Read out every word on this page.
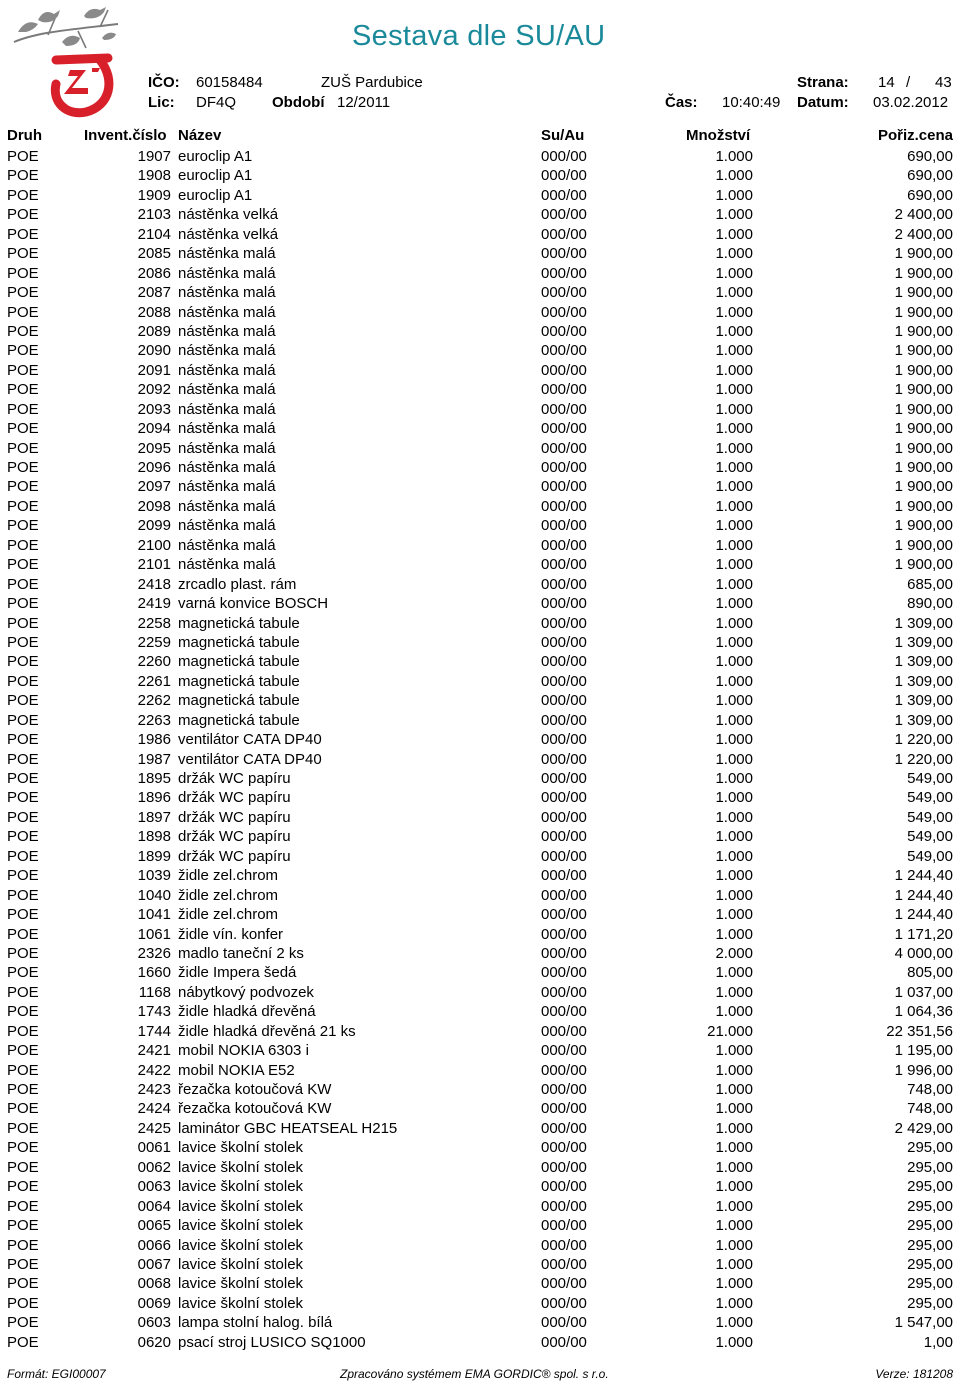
Sestava dle SU/AU
IČO: 60158484	ZUŠ Pardubice	Strana: 14 / 43
Lic: DF4Q Období 12/2011	Čas: 10:40:49 Datum: 03.02.2012
Druh	Invent.číslo Název	Su/Au	Množství	Pořiz.cena
POE	1907 euroclip A1	000/00	1.000	690,00
POE	1908 euroclip A1	000/00	1.000	690,00
POE	1909 euroclip A1	000/00	1.000	690,00
POE	2103 nástěnka velká	000/00	1.000	2 400,00
POE	2104 nástěnka velká	000/00	1.000	2 400,00
POE	2085 nástěnka malá	000/00	1.000	1 900,00
POE	2086 nástěnka malá	000/00	1.000	1 900,00
POE	2087 nástěnka malá	000/00	1.000	1 900,00
POE	2088 nástěnka malá	000/00	1.000	1 900,00
POE	2089 nástěnka malá	000/00	1.000	1 900,00
POE	2090 nástěnka malá	000/00	1.000	1 900,00
POE	2091 nástěnka malá	000/00	1.000	1 900,00
POE	2092 nástěnka malá	000/00	1.000	1 900,00
POE	2093 nástěnka malá	000/00	1.000	1 900,00
POE	2094 nástěnka malá	000/00	1.000	1 900,00
POE	2095 nástěnka malá	000/00	1.000	1 900,00
POE	2096 nástěnka malá	000/00	1.000	1 900,00
POE	2097 nástěnka malá	000/00	1.000	1 900,00
POE	2098 nástěnka malá	000/00	1.000	1 900,00
POE	2099 nástěnka malá	000/00	1.000	1 900,00
POE	2100 nástěnka malá	000/00	1.000	1 900,00
POE	2101 nástěnka malá	000/00	1.000	1 900,00
POE	2418 zrcadlo plast. rám	000/00	1.000	685,00
POE	2419 varná konvice BOSCH	000/00	1.000	890,00
POE	2258 magnetická tabule	000/00	1.000	1 309,00
POE	2259 magnetická tabule	000/00	1.000	1 309,00
POE	2260 magnetická tabule	000/00	1.000	1 309,00
POE	2261 magnetická tabule	000/00	1.000	1 309,00
POE	2262 magnetická tabule	000/00	1.000	1 309,00
POE	2263 magnetická tabule	000/00	1.000	1 309,00
POE	1986 ventilátor CATA DP40	000/00	1.000	1 220,00
POE	1987 ventilátor CATA DP40	000/00	1.000	1 220,00
POE	1895 držák WC papíru	000/00	1.000	549,00
POE	1896 držák WC papíru	000/00	1.000	549,00
POE	1897 držák WC papíru	000/00	1.000	549,00
POE	1898 držák WC papíru	000/00	1.000	549,00
POE	1899 držák WC papíru	000/00	1.000	549,00
POE	1039 židle zel.chrom	000/00	1.000	1 244,40
POE	1040 židle zel.chrom	000/00	1.000	1 244,40
POE	1041 židle zel.chrom	000/00	1.000	1 244,40
POE	1061 židle vín. konfer	000/00	1.000	1 171,20
POE	2326 madlo taneční 2 ks	000/00	2.000	4 000,00
POE	1660 židle Impera šedá	000/00	1.000	805,00
POE	1168 nábytkový podvozek	000/00	1.000	1 037,00
POE	1743 židle hladká dřevěná	000/00	1.000	1 064,36
POE	1744 židle hladká dřevěná 21 ks	000/00	21.000	22 351,56
POE	2421 mobil NOKIA 6303 i	000/00	1.000	1 195,00
POE	2422 mobil NOKIA E52	000/00	1.000	1 996,00
POE	2423 řezačka kotoučová KW	000/00	1.000	748,00
POE	2424 řezačka kotoučová KW	000/00	1.000	748,00
POE	2425 laminátor GBC HEATSEAL H215	000/00	1.000	2 429,00
POE	0061 lavice školní stolek	000/00	1.000	295,00
POE	0062 lavice školní stolek	000/00	1.000	295,00
POE	0063 lavice školní stolek	000/00	1.000	295,00
POE	0064 lavice školní stolek	000/00	1.000	295,00
POE	0065 lavice školní stolek	000/00	1.000	295,00
POE	0066 lavice školní stolek	000/00	1.000	295,00
POE	0067 lavice školní stolek	000/00	1.000	295,00
POE	0068 lavice školní stolek	000/00	1.000	295,00
POE	0069 lavice školní stolek	000/00	1.000	295,00
POE	0603 lampa stolní halog. bílá	000/00	1.000	1 547,00
POE	0620 psací stroj LUSICO SQ1000	000/00	1.000	1,00
Formát: EGI00007	Zpracováno systémem EMA GORDIC® spol. s r.o.	Verze: 181208
